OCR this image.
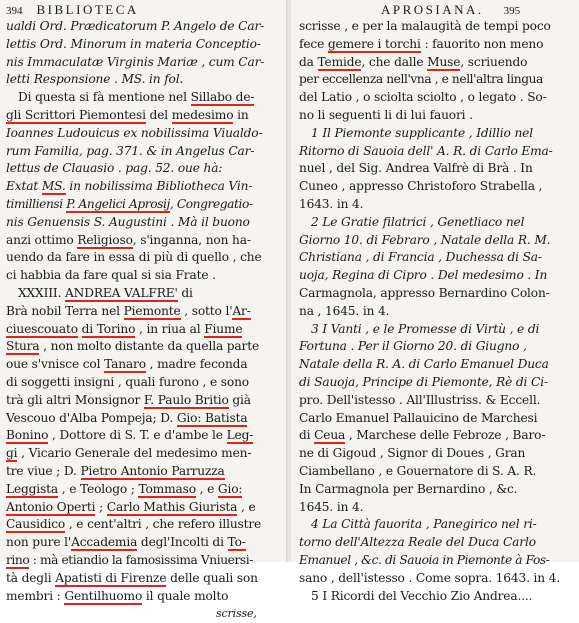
394 BIBLIOTECA
ualdi Ord. Prædicatorum P. Angelo de Car-
lettis Ord. Minorum in materia Conceptio-
nis Immaculatæ Virginis Mariæ , cum Car-
letti Responsione . MS. in fol.
Di questa si fà mentione nel Sillabo de-
gli Scrittori Piemontesi del medesimo in
Ioannes Ludouicus ex nobilissima Viualdo-
rum Familia, pag. 371. & in Angelus Car-
lettus de Clauasio . pag. 52. oue hà:
Extat MS. in nobilissima Bibliotheca Vin-
timilliensi P. Angelici Aprosij, Congregatio-
nis Genuensis S. Augustini . Mà il buono
anzi ottimo Religioso, s'inganna, non ha-
uendo da fare in essa di più di quello , che
ci habbia da fare qual si sia Frate .
XXXIII. ANDREA VALFRE' di
Brà nobil Terra nel Piemonte , sotto l'Ar-
ciuescouato di Torino , in riua al Fiume
Stura , non molto distante da quella parte
oue s'vnisce col Tanaro , madre feconda
di soggetti insigni , quali furono , e sono
trà gli altri Monsignor F. Paulo Britio già
Vescouo d'Alba Pompeja; D. Gio: Batista
Bonino , Dottore di S. T. e d'ambe le Leg-
gi , Vicario Generale del medesimo men-
tre viue ; D. Pietro Antonio Parruzza
Leggista , e Teologo ; Tommaso , e Gio:
Antonio Operti ; Carlo Mathis Giurista , e
Causidico , e cent'altri , che refero illustre
non pure l'Accademia degl'Incolti di To-
rino : mà etiandio la famosissima Vniuersi-
tà degli Apatisti di Firenze delle quali son
membri : Gentilhuomo il quale molto
scrisse,
APROSIANA. 395
scrisse , e per la malaugità de tempi poco
fece gemere i torchi : fauorito non meno
da Temide, che dalle Muse, scriuendo
per eccellenza nell'vna , e nell'altra lingua
del Latio , o sciolta sciolto , o legato . So-
no li seguenti li di lui fauori .
1 Il Piemonte supplicante , Idillio nel
Ritorno di Sauoia dell' A. R. di Carlo Ema-
nuel , del Sig. Andrea Valfrè di Brà . In
Cuneo , appresso Christoforo Strabella ,
1643. in 4.
2 Le Gratie filatrici , Genetliaco nel
Giorno 10. di Febraro , Natale della R. M.
Christiana , di Francia , Duchessa di Sa-
uoja, Regina di Cipro . Del medesimo . In
Carmagnola, appresso Bernardino Colon-
na , 1645. in 4.
3 I Vanti , e le Promesse di Virtù , e di
Fortuna . Per il Giorno 20. di Giugno ,
Natale della R. A. di Carlo Emanuel Duca
di Sauoja, Principe di Piemonte, Rè di Ci-
pro. Dell'istesso . All'Illustriss. & Eccell.
Carlo Emanuel Pallauicino de Marchesi
di Ceua , Marchese delle Febroze , Baro-
ne di Gigoud , Signor di Doues , Gran
Ciambellano , e Gouernatore di S. A. R.
In Carmagnola per Bernardino , &c.
1645. in 4.
4 La Città fauorita , Panegirico nel ri-
torno dell'Altezza Reale del Duca Carlo
Emanuel , &c. di Sauoia in Piemonte à Fos-
sano , dell'istesso . Come sopra. 1643. in 4.
5 I Ricordi del Vecchio Zio Andrea....
